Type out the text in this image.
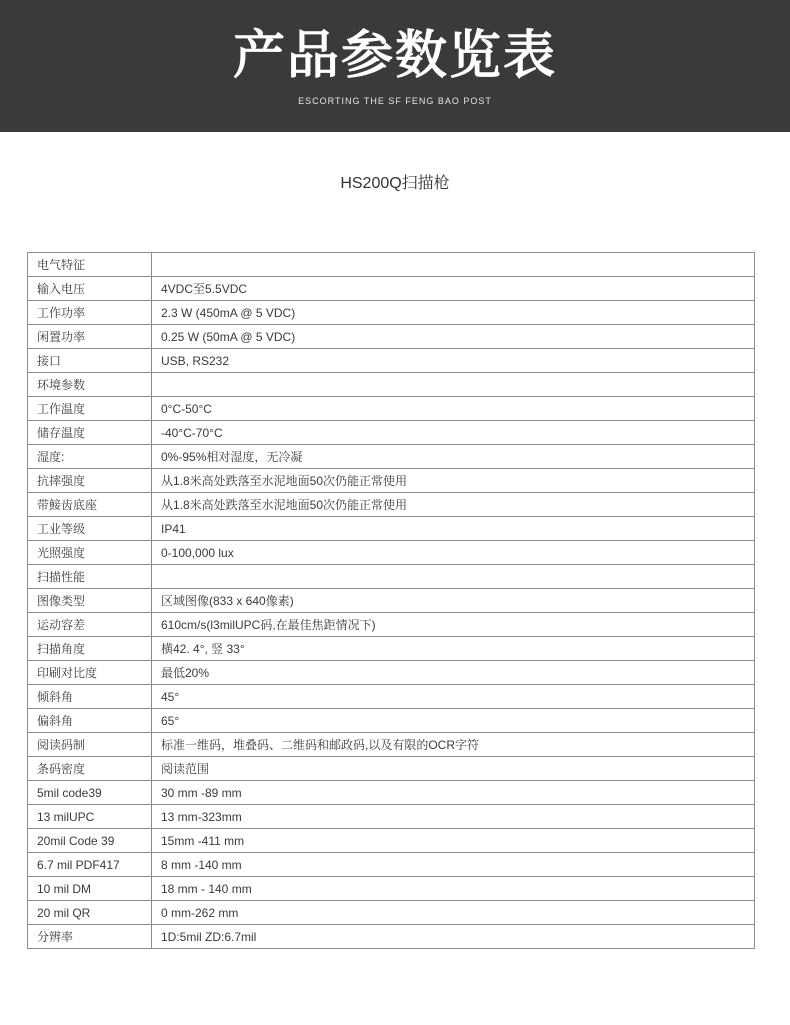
产品参数览表
ESCORTING THE SF FENG BAO POST
HS200Q扫描枪
电气特征	
输入电压	4VDC至5.5VDC
工作功率	2.3 W (450mA @ 5 VDC)
闲置功率	0.25 W (50mA @ 5 VDC)
接口	USB, RS232
环境参数	
工作温度	0°C-50°C
储存温度	-40°C-70°C
湿度:	0%-95%相对湿度，无冷凝
抗摔强度	从1.8米高处跌落至水泥地面50次仍能正常使用
带鯜齿底座	从1.8米高处跌落至水泥地面50次仍能正常使用
工业等级	IP41
光照强度	0-100,000 lux
扫描性能	
图像类型	区域图像(833 x 640像素)
运动容差	610cm/s(l3milUPC码,在最佳焦距情况下)
扫描角度	横42. 4°, 竖 33°
印刷对比度	最低20%
倾斜角	45°
偏斜角	65°
阅读码制	标准一维码，堆叠码、二维码和邮政码,以及有限的OCR字符
条码密度	阅读范围
5mil code39	30 mm -89 mm
13 milUPC	13 mm-323mm
20mil Code 39	15mm -411 mm
6.7 mil PDF417	8 mm -140 mm
10 mil DM	18 mm - 140 mm
20 mil QR	0 mm-262 mm
分辨率	1D:5mil ZD:6.7mil
